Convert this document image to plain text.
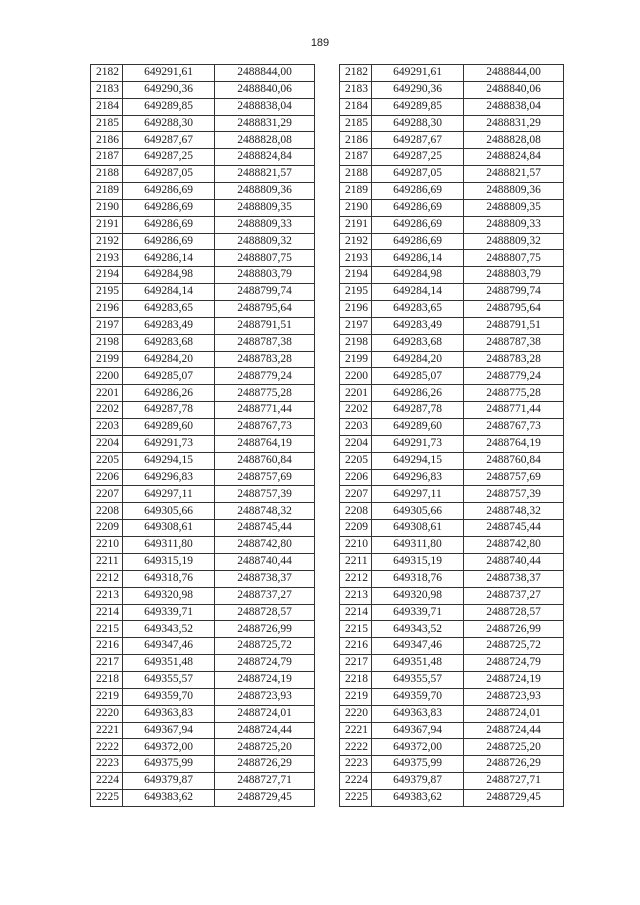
189
2182	649291,61	2488844,00
2183	649290,36	2488840,06
2184	649289,85	2488838,04
2185	649288,30	2488831,29
2186	649287,67	2488828,08
2187	649287,25	2488824,84
2188	649287,05	2488821,57
2189	649286,69	2488809,36
2190	649286,69	2488809,35
2191	649286,69	2488809,33
2192	649286,69	2488809,32
2193	649286,14	2488807,75
2194	649284,98	2488803,79
2195	649284,14	2488799,74
2196	649283,65	2488795,64
2197	649283,49	2488791,51
2198	649283,68	2488787,38
2199	649284,20	2488783,28
2200	649285,07	2488779,24
2201	649286,26	2488775,28
2202	649287,78	2488771,44
2203	649289,60	2488767,73
2204	649291,73	2488764,19
2205	649294,15	2488760,84
2206	649296,83	2488757,69
2207	649297,11	2488757,39
2208	649305,66	2488748,32
2209	649308,61	2488745,44
2210	649311,80	2488742,80
2211	649315,19	2488740,44
2212	649318,76	2488738,37
2213	649320,98	2488737,27
2214	649339,71	2488728,57
2215	649343,52	2488726,99
2216	649347,46	2488725,72
2217	649351,48	2488724,79
2218	649355,57	2488724,19
2219	649359,70	2488723,93
2220	649363,83	2488724,01
2221	649367,94	2488724,44
2222	649372,00	2488725,20
2223	649375,99	2488726,29
2224	649379,87	2488727,71
2225	649383,62	2488729,45
2182	649291,61	2488844,00
2183	649290,36	2488840,06
2184	649289,85	2488838,04
2185	649288,30	2488831,29
2186	649287,67	2488828,08
2187	649287,25	2488824,84
2188	649287,05	2488821,57
2189	649286,69	2488809,36
2190	649286,69	2488809,35
2191	649286,69	2488809,33
2192	649286,69	2488809,32
2193	649286,14	2488807,75
2194	649284,98	2488803,79
2195	649284,14	2488799,74
2196	649283,65	2488795,64
2197	649283,49	2488791,51
2198	649283,68	2488787,38
2199	649284,20	2488783,28
2200	649285,07	2488779,24
2201	649286,26	2488775,28
2202	649287,78	2488771,44
2203	649289,60	2488767,73
2204	649291,73	2488764,19
2205	649294,15	2488760,84
2206	649296,83	2488757,69
2207	649297,11	2488757,39
2208	649305,66	2488748,32
2209	649308,61	2488745,44
2210	649311,80	2488742,80
2211	649315,19	2488740,44
2212	649318,76	2488738,37
2213	649320,98	2488737,27
2214	649339,71	2488728,57
2215	649343,52	2488726,99
2216	649347,46	2488725,72
2217	649351,48	2488724,79
2218	649355,57	2488724,19
2219	649359,70	2488723,93
2220	649363,83	2488724,01
2221	649367,94	2488724,44
2222	649372,00	2488725,20
2223	649375,99	2488726,29
2224	649379,87	2488727,71
2225	649383,62	2488729,45
